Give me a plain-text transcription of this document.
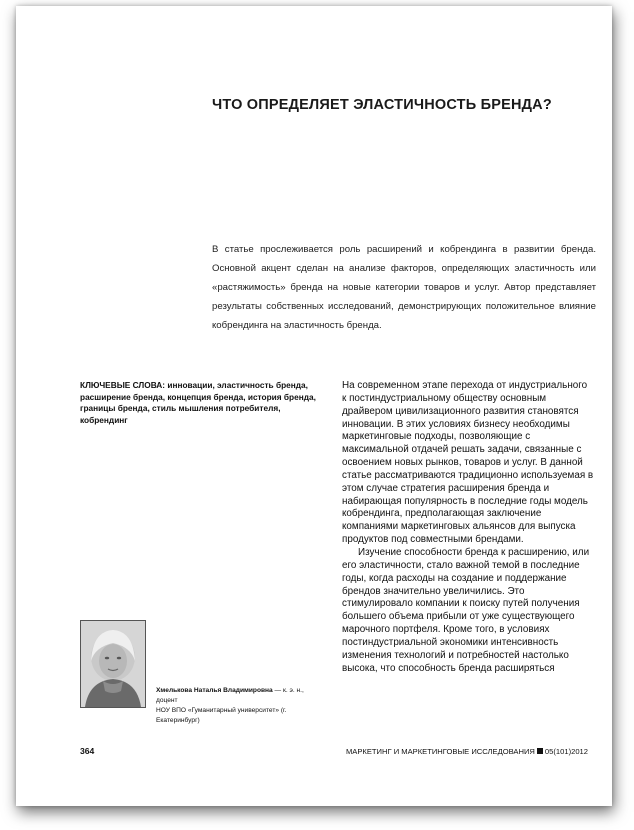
ЧТО ОПРЕДЕЛЯЕТ ЭЛАСТИЧНОСТЬ БРЕНДА?
В статье прослеживается роль расширений и кобрендинга в развитии бренда. Основной акцент сделан на анализе факторов, определяющих эластичность или «растяжимость» бренда на новые категории товаров и услуг. Автор представляет результаты собственных исследований, демонстрирующих положительное влияние кобрендинга на эластичность бренда.
КЛЮЧЕВЫЕ СЛОВА: инновации, эластичность бренда, расширение бренда, концепция бренда, история бренда, границы бренда, стиль мышления потребителя, кобрендинг

На современном этапе перехода от индустриального к постиндустриальному обществу основным драйвером цивилизационного развития становятся инновации. В этих условиях бизнесу необходимы маркетинговые подходы, позволяющие с максимальной отдачей решать задачи, связанные с освоением новых рынков, товаров и услуг. В данной статье рассматриваются традиционно используемая в этом случае стратегия расширения бренда и набирающая популярность в последние годы модель кобрендинга, предполагающая заключение компаниями маркетинговых альянсов для выпуска продуктов под совместными брендами.

Изучение способности бренда к расширению, или его эластичности, стало важной темой в последние годы, когда расходы на создание и поддержание брендов значительно увеличились. Это стимулировало компании к поиску путей получения большего объема прибыли от уже существующего марочного портфеля. Кроме того, в условиях постиндустриальной экономики интенсивность изменения технологий и потребностей настолько высока, что способность бренда расширяться

Хмелькова Наталья Владимировна — к. э. н., доцент
НОУ ВПО «Гуманитарный университет» (г. Екатеринбург)
364	МАРКЕТИНГ И МАРКЕТИНГОВЫЕ ИССЛЕДОВАНИЯ 05(101)2012
